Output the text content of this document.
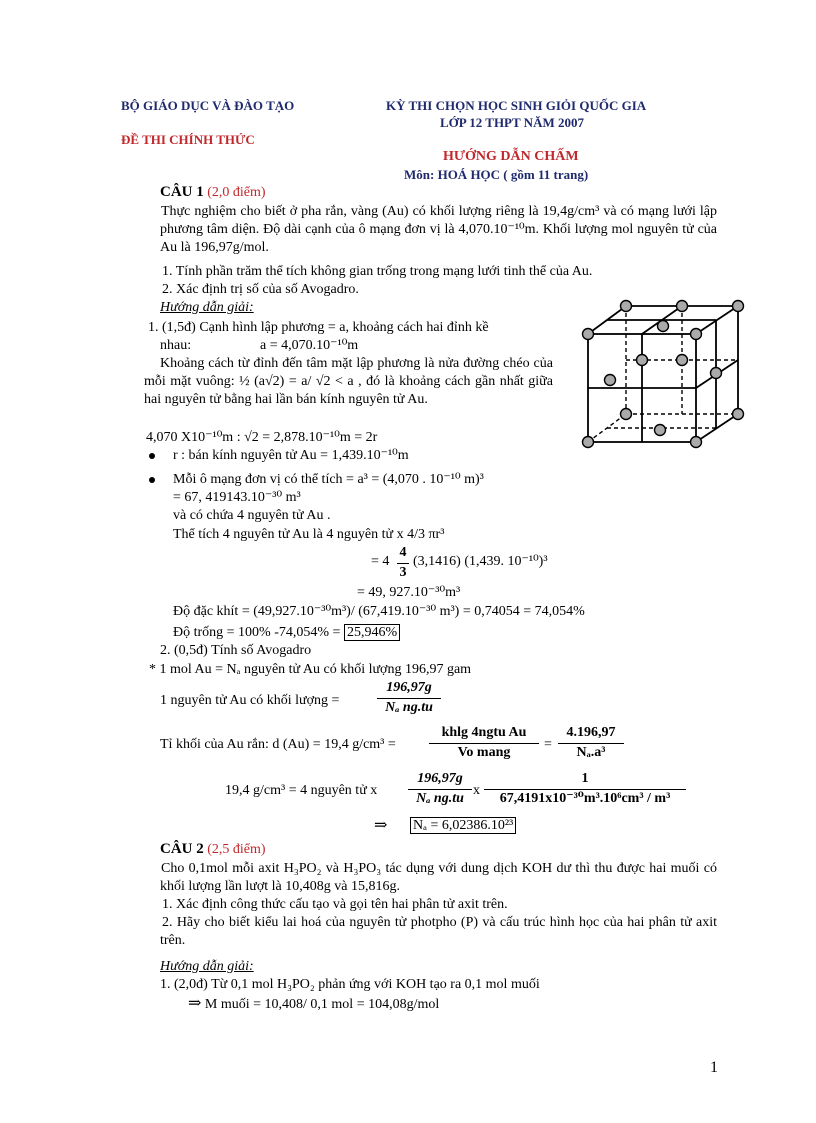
BỘ GIÁO DỤC VÀ ĐÀO TẠO
ĐỀ THI CHÍNH THỨC
KỲ THI CHỌN HỌC SINH GIỎI QUỐC GIA
LỚP 12 THPT NĂM 2007
HƯỚNG DẪN CHẤM
Môn: HOÁ HỌC ( gồm 11 trang)
CÂU 1 (2,0 điểm)
Thực nghiệm cho biết ở pha rắn, vàng (Au) có khối lượng riêng là 19,4g/cm³ và có mạng lưới lập phương tâm diện. Độ dài cạnh của ô mạng đơn vị là 4,070.10⁻¹⁰m. Khối lượng mol nguyên tử của Au là 196,97g/mol.
1. Tính phần trăm thể tích không gian trống trong mạng lưới tinh thể của Au.
2. Xác định trị số của số Avogadro.
Hướng dẫn giải:
1. (1,5đ) Cạnh hình lập phương = a, khoảng cách hai đỉnh kề
nhau:	a = 4,070.10⁻¹⁰m
Khoảng cách từ đỉnh đến tâm mặt lập phương là nửa đường chéo của mỗi mặt vuông: ½ (a√2) = a/ √2 < a , đó là khoảng cách gần nhất giữa hai nguyên tử bằng hai lần bán kính nguyên tử Au.
4,070 X10⁻¹⁰m : √2 = 2,878.10⁻¹⁰m = 2r
r : bán kính nguyên tử Au = 1,439.10⁻¹⁰m
Mỗi ô mạng đơn vị có thể tích = a³ = (4,070 . 10⁻¹⁰ m)³
= 67, 419143.10⁻³⁰ m³
và có chứa 4 nguyên tử Au .
Thể tích 4 nguyên tử Au là 4 nguyên tử x 4/3 πr³
= $4 \frac{4}{3} (3,1416)$ (1,439. 10⁻¹⁰)³
= 49, 927.10⁻³⁰m³
Độ đặc khít = (49,927.10⁻³⁰m³)/ (67,419.10⁻³⁰ m³) = 0,74054 = 74,054%
Độ trống = 100% -74,054% = 25,946%
2. (0,5đ) Tính số Avogadro
* 1 mol Au = Nₐ nguyên tử Au có khối lượng 196,97 gam
1 nguyên tử Au có khối lượng =	$\frac{196,97g}{\text{Nₐ ng.tu}}$
Tỉ khối của Au rắn: d (Au) = 19,4 g/cm³ =
khlg 4ngtu Au
Vo mang
= $\frac{4.196,97}{\text{Nₐ.a³}}$
19,4 g/cm³ = 4 nguyên tử x $\frac{196,97g}{\text{Nₐ ng.tu}}$ x $\frac{1}{\text{67,4191x10⁻³⁰m³.10⁶cm³ / m³}}$
⇒ Nₐ = 6,02386.10²³
CÂU 2 (2,5 điểm)
Cho 0,1mol mỗi axit H₃PO₂ và H₃PO₃ tác dụng với dung dịch KOH dư thì thu được hai muối có khối lượng lần lượt là 10,408g và 15,816g.
1. Xác định công thức cấu tạo và gọi tên hai phân tử axit trên.
2. Hãy cho biết kiểu lai hoá của nguyên tử photpho (P) và cấu trúc hình học của hai phân tử axit trên.
Hướng dẫn giải:
1. (2,0đ) Từ 0,1 mol H₃PO₂ phản ứng với KOH tạo ra 0,1 mol muối
⇒ M muối = 10,408/ 0,1 mol = 104,08g/mol
1
